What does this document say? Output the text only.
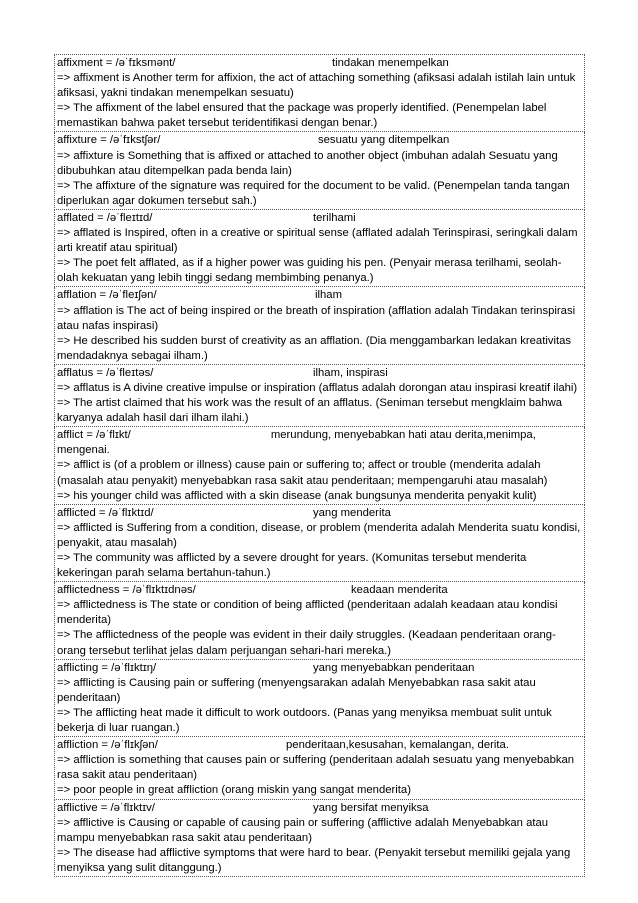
affixment = /əˈfɪksmənt/	tindakan menempelkan
=> affixment is Another term for affixion, the act of attaching something (afiksasi adalah istilah lain untuk afiksasi, yakni tindakan menempelkan sesuatu)
=> The affixment of the label ensured that the package was properly identified. (Penempelan label memastikan bahwa paket tersebut teridentifikasi dengan benar.)
affixture = /əˈfɪkstʃər/	sesuatu yang ditempelkan
=> affixture is Something that is affixed or attached to another object (imbuhan adalah Sesuatu yang dibubuhkan atau ditempelkan pada benda lain)
=> The affixture of the signature was required for the document to be valid. (Penempelan tanda tangan diperlukan agar dokumen tersebut sah.)
afflated = /əˈfleɪtɪd/	terilhami
=> afflated is Inspired, often in a creative or spiritual sense (afflated adalah Terinspirasi, seringkali dalam arti kreatif atau spiritual)
=> The poet felt afflated, as if a higher power was guiding his pen. (Penyair merasa terilhami, seolah-olah kekuatan yang lebih tinggi sedang membimbing penanya.)
afflation = /əˈfleɪʃən/	ilham
=> afflation is The act of being inspired or the breath of inspiration (afflation adalah Tindakan terinspirasi atau nafas inspirasi)
=> He described his sudden burst of creativity as an afflation. (Dia menggambarkan ledakan kreativitas mendadaknya sebagai ilham.)
afflatus = /əˈfleɪtəs/	ilham, inspirasi
=> afflatus is A divine creative impulse or inspiration (afflatus adalah dorongan atau inspirasi kreatif ilahi)
=> The artist claimed that his work was the result of an afflatus. (Seniman tersebut mengklaim bahwa karyanya adalah hasil dari ilham ilahi.)
afflict = /əˈflɪkt/	merundung, menyebabkan hati atau derita,menimpa, mengenai.
=> afflict is (of a problem or illness) cause pain or suffering to; affect or trouble (menderita adalah (masalah atau penyakit) menyebabkan rasa sakit atau penderitaan; mempengaruhi atau masalah)
=> his younger child was afflicted with a skin disease (anak bungsunya menderita penyakit kulit)
afflicted = /əˈflɪktɪd/	yang menderita
=> afflicted is Suffering from a condition, disease, or problem (menderita adalah Menderita suatu kondisi, penyakit, atau masalah)
=> The community was afflicted by a severe drought for years. (Komunitas tersebut menderita kekeringan parah selama bertahun-tahun.)
afflictedness = /əˈflɪktɪdnəs/	keadaan menderita
=> afflictedness is The state or condition of being afflicted (penderitaan adalah keadaan atau kondisi menderita)
=> The afflictedness of the people was evident in their daily struggles. (Keadaan penderitaan orang-orang tersebut terlihat jelas dalam perjuangan sehari-hari mereka.)
afflicting = /əˈflɪktɪŋ/	yang menyebabkan penderitaan
=> afflicting is Causing pain or suffering (menyengsarakan adalah Menyebabkan rasa sakit atau penderitaan)
=> The afflicting heat made it difficult to work outdoors. (Panas yang menyiksa membuat sulit untuk bekerja di luar ruangan.)
affliction = /əˈflɪkʃən/	penderitaan,kesusahan, kemalangan, derita.
=> affliction is something that causes pain or suffering (penderitaan adalah sesuatu yang menyebabkan rasa sakit atau penderitaan)
=> poor people in great affliction (orang miskin yang sangat menderita)
afflictive = /əˈflɪktɪv/	yang bersifat menyiksa
=> afflictive is Causing or capable of causing pain or suffering (afflictive adalah Menyebabkan atau mampu menyebabkan rasa sakit atau penderitaan)
=> The disease had afflictive symptoms that were hard to bear. (Penyakit tersebut memiliki gejala yang menyiksa yang sulit ditanggung.)
